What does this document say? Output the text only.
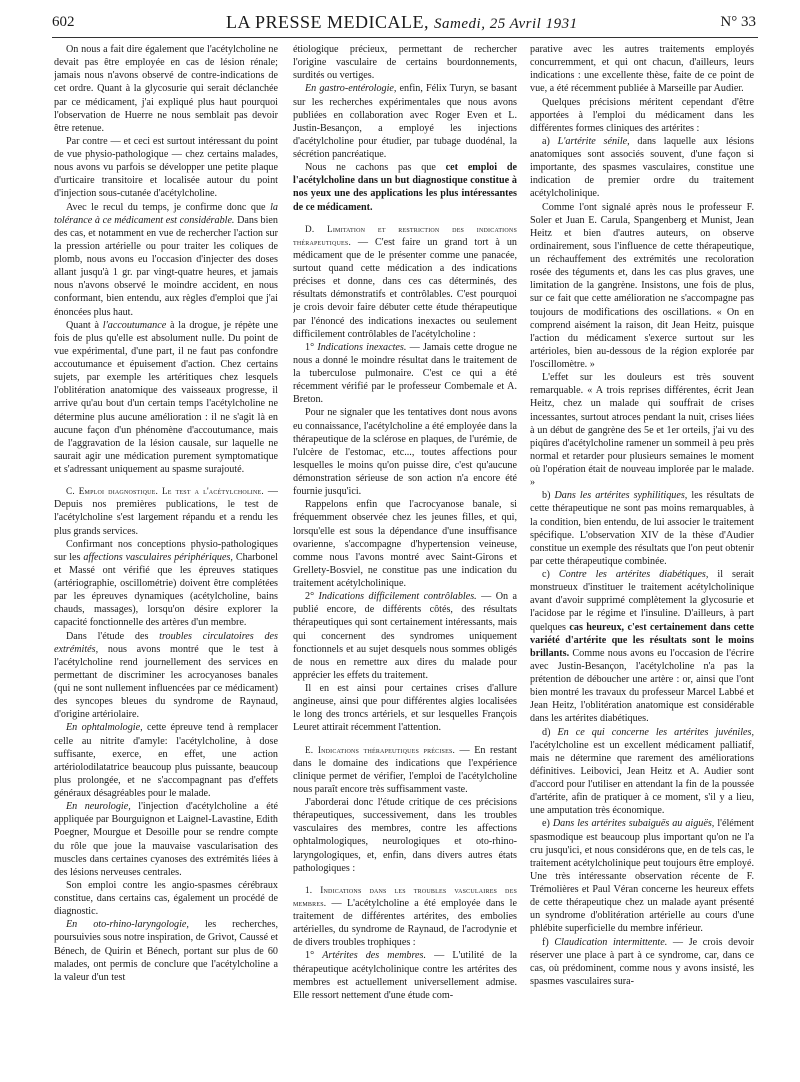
602	LA PRESSE MEDICALE, Samedi, 25 Avril 1931	N° 33

On nous a fait dire également que l'acétylcholine ne devait pas être employée en cas de lésion rénale; jamais nous n'avons observé de contre-indications de cet ordre. Quant à la glycosurie qui serait déclanchée par ce médicament, j'ai expliqué plus haut pourquoi l'observation de Huerre ne nous semblait pas devoir être retenue.

Par contre — et ceci est surtout intéressant du point de vue physio-pathologique — chez certains malades, nous avons vu parfois se développer une petite plaque d'urticaire transitoire et localisée autour du point d'injection sous-cutanée d'acétylcholine.

Avec le recul du temps, je confirme donc que la tolérance à ce médicament est considérable. Dans bien des cas, et notamment en vue de rechercher l'action sur la pression artérielle ou pour traiter les coliques de plomb, nous avons eu l'occasion d'injecter des doses allant jusqu'à 1 gr. par vingt-quatre heures, et jamais nous n'avons observé le moindre accident, en nous conformant, bien entendu, aux règles d'emploi que j'ai énoncées plus haut.

Quant à l'accoutumance à la drogue, je répète une fois de plus qu'elle est absolument nulle. Du point de vue expérimental, d'une part, il ne faut pas confondre accoutumance et épuisement d'action. Chez certains sujets, par exemple les artéritiques chez lesquels l'oblitération anatomique des vaisseaux progresse, il arrive qu'au bout d'un certain temps l'acétylcholine ne détermine plus aucune amélioration : il ne s'agit là en aucune façon d'un phénomène d'accoutumance, mais de l'aggravation de la lésion causale, sur laquelle ne saurait agir une médication purement symptomatique et s'adressant uniquement au spasme surajouté.

C. Emploi diagnostique. Le test a l'acétylcholine. — Depuis nos premières publications, le test de l'acétylcholine s'est largement répandu et a rendu les plus grands services.

Confirmant nos conceptions physio-pathologiques sur les affections vasculaires périphériques, Charbonel et Massé ont vérifié que les épreuves statiques (artériographie, oscillométrie) doivent être complétées par les épreuves dynamiques (acétylcholine, bains chauds, massages), lorsqu'on désire explorer la capacité fonctionnelle des artères d'un membre.

Dans l'étude des troubles circulatoires des extrémités, nous avons montré que le test à l'acétylcholine rend journellement des services en permettant de discriminer les acrocyanoses banales (qui ne sont nullement influencées par ce médicament) des syncopes bleues du syndrome de Raynaud, d'origine artériolaire.

En ophtalmologie, cette épreuve tend à remplacer celle au nitrite d'amyle: l'acétylcholine, à dose suffisante, exerce, en effet, une action artériolodilatatrice beaucoup plus puissante, beaucoup plus prolongée, et ne s'accompagnant pas d'effets généraux désagréables pour le malade.

En neurologie, l'injection d'acétylcholine a été appliquée par Bourguignon et Laignel-Lavastine, Edith Poegner, Mourgue et Desoille pour se rendre compte du rôle que joue la mauvaise vascularisation des muscles dans certaines cyanoses des extrémités liées à des lésions nerveuses centrales.

Son emploi contre les angio-spasmes cérébraux constitue, dans certains cas, également un procédé de diagnostic.

En oto-rhino-laryngologie, les recherches, poursuivies sous notre inspiration, de Grivot, Caussé et Bénech, de Quirin et Bénech, portant sur plus de 60 malades, ont permis de conclure que l'acétylcholine a la valeur d'un test

étiologique précieux, permettant de rechercher l'origine vasculaire de certains bourdonnements, surdités ou vertiges.

En gastro-entérologie, enfin, Félix Turyn, se basant sur les recherches expérimentales que nous avons publiées en collaboration avec Roger Even et L. Justin-Besançon, a employé les injections d'acétylcholine pour étudier, par tubage duodénal, la sécrétion pancréatique.

Nous ne cachons pas que cet emploi de l'acétylcholine dans un but diagnostique constitue à nos yeux une des applications les plus intéressantes de ce médicament.

D. Limitation et restriction des indications thérapeutiques. — C'est faire un grand tort à un médicament que de le présenter comme une panacée, surtout quand cette médication a des indications précises et donne, dans ces cas déterminés, des résultats démonstratifs et contrôlables. C'est pourquoi je crois devoir faire débuter cette étude thérapeutique par l'énoncé des indications inexactes ou seulement difficilement contrôlables de l'acétylcholine :

1° Indications inexactes. — Jamais cette drogue ne nous a donné le moindre résultat dans le traitement de la tuberculose pulmonaire. C'est ce qui a été récemment vérifié par le professeur Combemale et A. Breton.

Pour ne signaler que les tentatives dont nous avons eu connaissance, l'acétylcholine a été employée dans la thérapeutique de la sclérose en plaques, de l'urémie, de l'ulcère de l'estomac, etc..., toutes affections pour lesquelles le moins qu'on puisse dire, c'est qu'aucune démonstration sérieuse de son action n'a encore été fournie jusqu'ici.

Rappelons enfin que l'acrocyanose banale, si fréquemment observée chez les jeunes filles, et qui, lorsqu'elle est sous la dépendance d'une insuffisance ovarienne, s'accompagne d'hypertension veineuse, comme nous l'avons montré avec Saint-Girons et Grellety-Bosviel, ne constitue pas une indication du traitement acétylcholinique.

2° Indications difficilement contrôlables. — On a publié encore, de différents côtés, des résultats thérapeutiques qui sont certainement intéressants, mais qui concernent des syndromes uniquement fonctionnels et au sujet desquels nous sommes obligés de nous en remettre aux dires du malade pour apprécier les effets du traitement.

Il en est ainsi pour certaines crises d'allure angineuse, ainsi que pour différentes algies localisées le long des troncs artériels, et sur lesquelles François Leuret attirait récemment l'attention.

E. Indications thérapeutiques précises. — En restant dans le domaine des indications que l'expérience clinique permet de vérifier, l'emploi de l'acétylcholine nous paraît encore très suffisamment vaste.

J'aborderai donc l'étude critique de ces précisions thérapeutiques, successivement, dans les troubles vasculaires des membres, contre les affections ophtalmologiques, neurologiques et oto-rhino-laryngologiques, et, enfin, dans divers autres états pathologiques :

1. Indications dans les troubles vasculaires des membres. — L'acétylcholine a été employée dans le traitement de différentes artérites, des embolies artérielles, du syndrome de Raynaud, de l'acrodynie et de divers troubles trophiques :

1° Artérites des membres. — L'utilité de la thérapeutique acétylcholinique contre les artérites des membres est actuellement universellement admise. Elle ressort nettement d'une étude com-

parative avec les autres traitements employés concurremment, et qui ont chacun, d'ailleurs, leurs indications : une excellente thèse, faite de ce point de vue, a été récemment publiée à Marseille par Audier.

Quelques précisions méritent cependant d'être apportées à l'emploi du médicament dans les différentes formes cliniques des artérites :

a) L'artérite sénile, dans laquelle aux lésions anatomiques sont associés souvent, d'une façon si importante, des spasmes vasculaires, constitue une indication de premier ordre du traitement acétylcholinique.

Comme l'ont signalé après nous le professeur F. Soler et Juan E. Carula, Spangenberg et Munist, Jean Heitz et bien d'autres auteurs, on observe ordinairement, sous l'influence de cette thérapeutique, un réchauffement des extrémités une recoloration rosée des téguments et, dans les cas plus graves, une limitation de la gangrène. Insistons, une fois de plus, sur ce fait que cette amélioration ne s'accompagne pas toujours de modifications des oscillations. « On en comprend aisément la raison, dit Jean Heitz, puisque l'action du médicament s'exerce surtout sur les artérioles, bien au-dessous de la région explorée par l'oscillomètre. »

L'effet sur les douleurs est très souvent remarquable. « A trois reprises différentes, écrit Jean Heitz, chez un malade qui souffrait de crises incessantes, surtout atroces pendant la nuit, crises liées à un début de gangrène des 5e et 1er orteils, j'ai vu des piqûres d'acétylcholine ramener un sommeil à peu près normal et retarder pour plusieurs semaines le moment où l'opération était de nouveau implorée par le malade. »

b) Dans les artérites syphilitiques, les résultats de cette thérapeutique ne sont pas moins remarquables, à la condition, bien entendu, de lui associer le traitement spécifique. L'observation XIV de la thèse d'Audier constitue un exemple des résultats que l'on peut obtenir par cette thérapeutique combinée.

c) Contre les artérites diabétiques, il serait monstrueux d'instituer le traitement acétylcholinique avant d'avoir supprimé complètement la glycosurie et l'acidose par le régime et l'insuline. D'ailleurs, à part quelques cas heureux, c'est certainement dans cette variété d'artérite que les résultats sont le moins brillants. Comme nous avons eu l'occasion de l'écrire avec Justin-Besançon, l'acétylcholine n'a pas la prétention de déboucher une artère : or, ainsi que l'ont bien montré les travaux du professeur Marcel Labbé et Jean Heitz, l'oblitération anatomique est considérable dans les artérites diabétiques.

d) En ce qui concerne les artérites juvéniles, l'acétylcholine est un excellent médicament palliatif, mais ne détermine que rarement des améliorations définitives. Leibovici, Jean Heitz et A. Audier sont d'accord pour l'utiliser en attendant la fin de la poussée d'artérite, afin de pratiquer à ce moment, s'il y a lieu, une amputation très économique.

e) Dans les artérites subaiguës au aiguës, l'élément spasmodique est beaucoup plus important qu'on ne l'a cru jusqu'ici, et nous considérons que, en de tels cas, le traitement acétylcholinique peut toujours être employé. Une très intéressante observation récente de F. Trémolières et Paul Véran concerne les heureux effets de cette thérapeutique chez un malade ayant présenté un syndrome d'oblitération artérielle au cours d'une phlébite superficielle du membre inférieur.

f) Claudication intermittente. — Je crois devoir réserver une place à part à ce syndrome, car, dans ce cas, où prédominent, comme nous y avons insisté, les spasmes vasculaires sura-
